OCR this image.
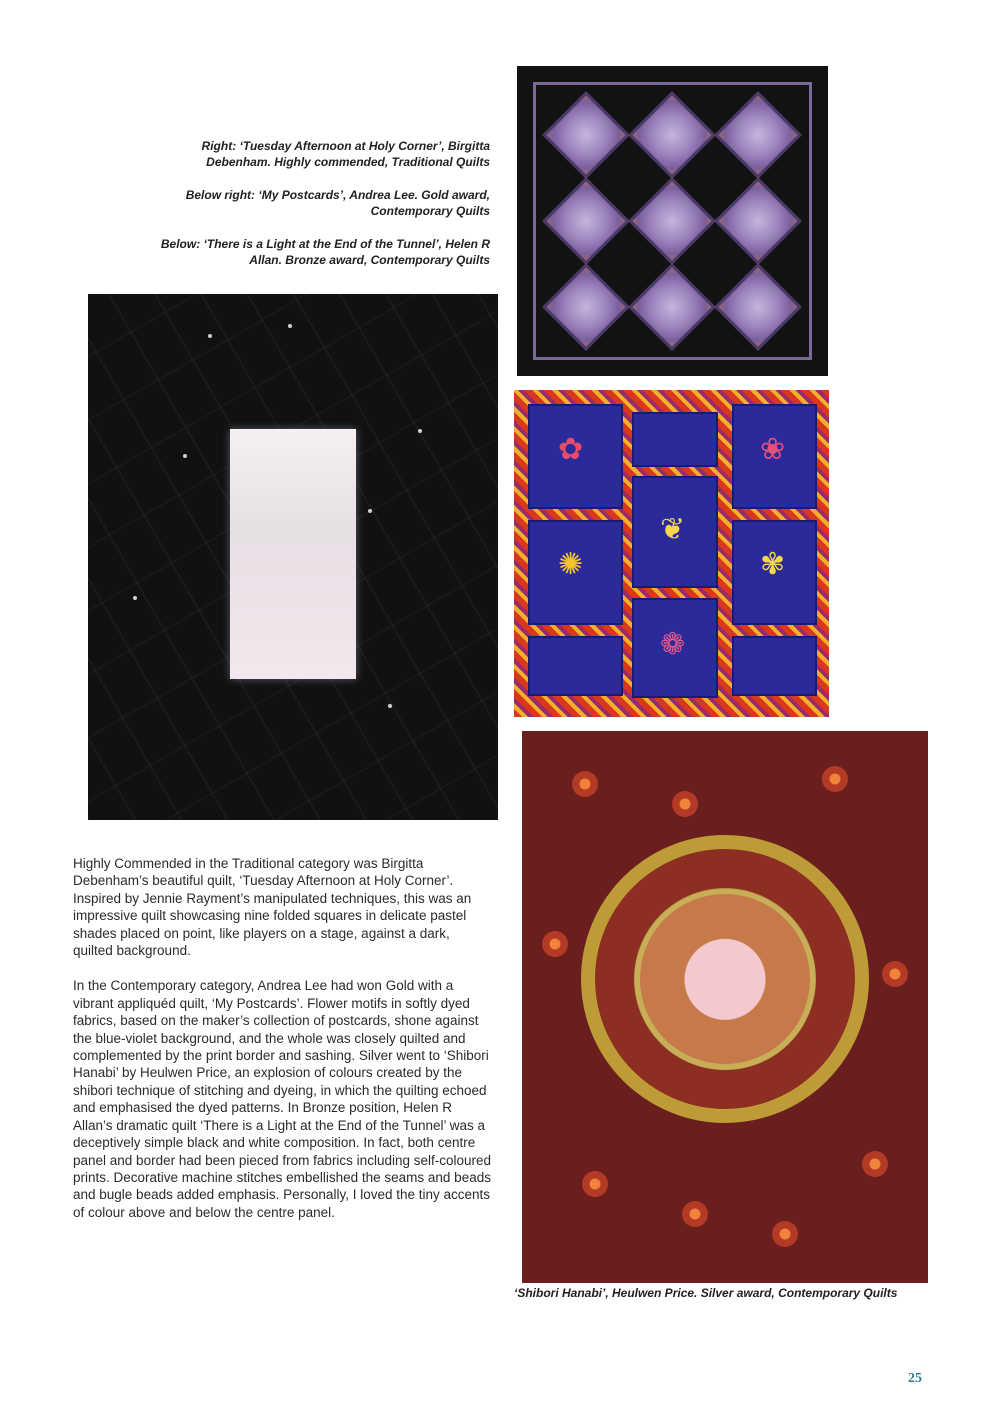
Right: ‘Tuesday Afternoon at Holy Corner’, Birgitta Debenham. Highly commended, Traditional Quilts

Below right: ‘My Postcards’, Andrea Lee. Gold award, Contemporary Quilts

Below: ‘There is a Light at the End of the Tunnel’, Helen R Allan. Bronze award, Contemporary Quilts

✿	❀
✺
❦
✾
❁

Highly Commended in the Traditional category was Birgitta Debenham’s beautiful quilt, ‘Tuesday Afternoon at Holy Corner’. Inspired by Jennie Rayment’s manipulated techniques, this was an impressive quilt showcasing nine folded squares in delicate pastel shades placed on point, like players on a stage, against a dark, quilted background.

In the Contemporary category, Andrea Lee had won Gold with a vibrant appliquéd quilt, ‘My Postcards’. Flower motifs in softly dyed fabrics, based on the maker’s collection of postcards, shone against the blue-violet background, and the whole was closely quilted and complemented by the print border and sashing. Silver went to ‘Shibori Hanabi’ by Heulwen Price, an explosion of colours created by the shibori technique of stitching and dyeing, in which the quilting echoed and emphasised the dyed patterns. In Bronze position, Helen R Allan’s dramatic quilt ‘There is a Light at the End of the Tunnel’ was a deceptively simple black and white composition. In fact, both centre panel and border had been pieced from fabrics including self-coloured prints. Decorative machine stitches embellished the seams and beads and bugle beads added emphasis. Personally, I loved the tiny accents of colour above and below the centre panel.

‘Shibori Hanabi’, Heulwen Price. Silver award, Contemporary Quilts
25
